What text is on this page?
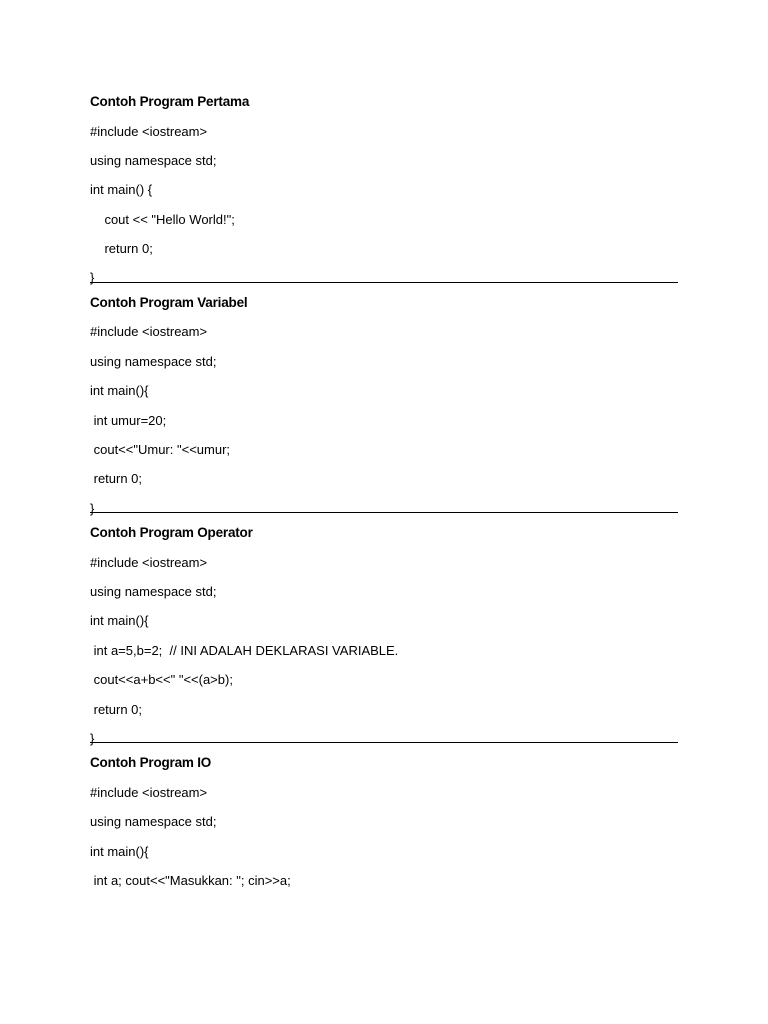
Contoh Program Pertama
#include <iostream>
using namespace std;
int main() {
cout << "Hello World!";
return 0;
}
Contoh Program Variabel
#include <iostream>
using namespace std;
int main(){
int umur=20;
cout<<"Umur: "<<umur;
return 0;
}
Contoh Program Operator
#include <iostream>
using namespace std;
int main(){
int a=5,b=2;  // INI ADALAH DEKLARASI VARIABLE.
cout<<a+b<<" "<<(a>b);
return 0;
}
Contoh Program IO
#include <iostream>
using namespace std;
int main(){
int a; cout<<"Masukkan: "; cin>>a;
